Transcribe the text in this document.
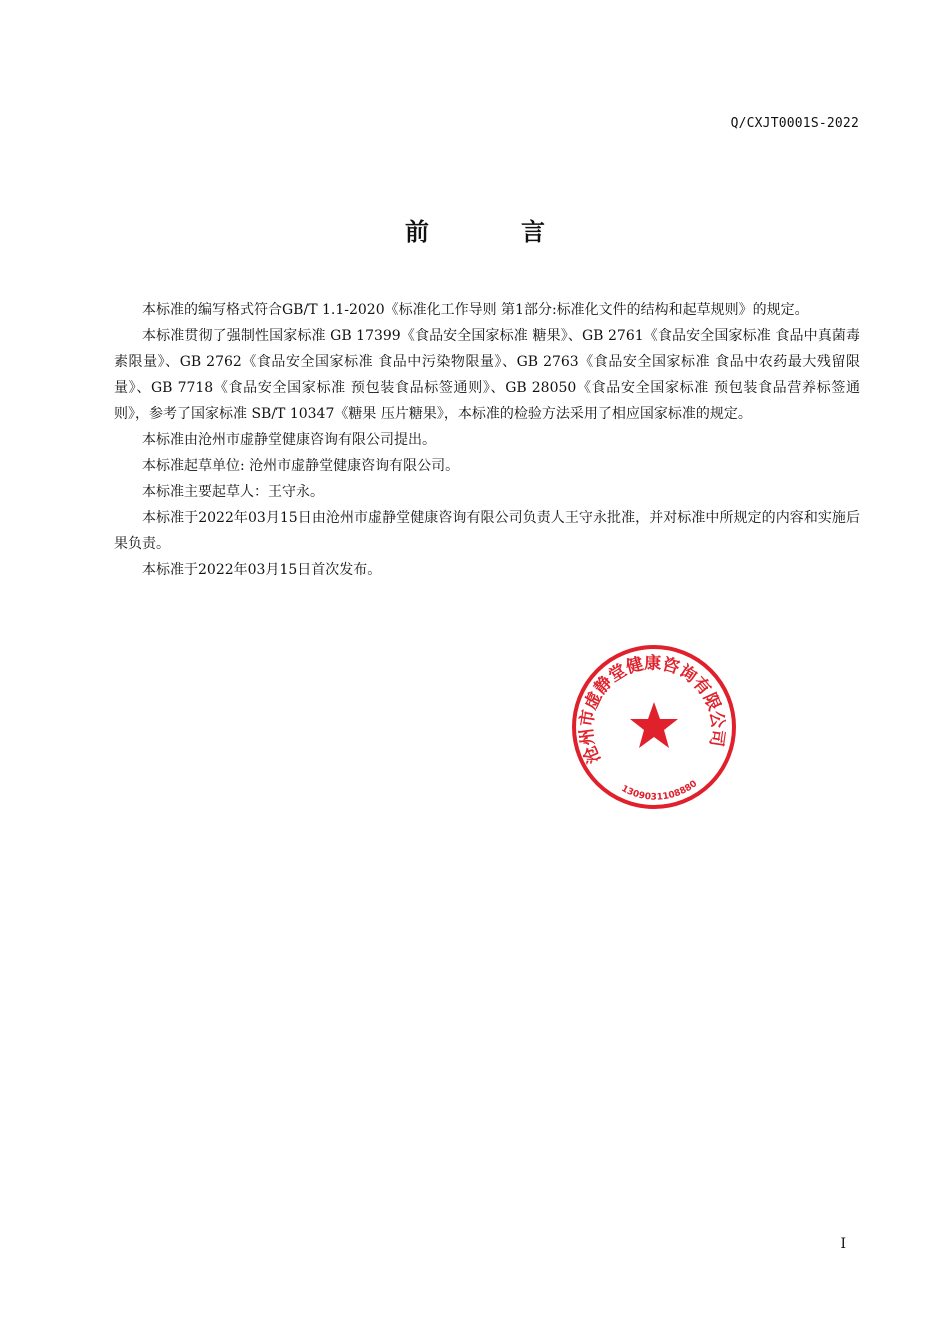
Q/CXJT0001S-2022
前言

本标准的编写格式符合GB/T 1.1-2020《标准化工作导则 第1部分:标准化文件的结构和起草规则》的规定。

本标准贯彻了强制性国家标准 GB 17399《食品安全国家标准 糖果》、GB 2761《食品安全国家标准 食品中真菌毒素限量》、GB 2762《食品安全国家标准 食品中污染物限量》、GB 2763《食品安全国家标准 食品中农药最大残留限量》、GB 7718《食品安全国家标准 预包装食品标签通则》、GB 28050《食品安全国家标准 预包装食品营养标签通则》，参考了国家标准 SB/T 10347《糖果 压片糖果》，本标准的检验方法采用了相应国家标准的规定。

本标准由沧州市虚静堂健康咨询有限公司提出。

本标准起草单位: 沧州市虚静堂健康咨询有限公司。

本标准主要起草人：王守永。

本标准于2022年03月15日由沧州市虚静堂健康咨询有限公司负责人王守永批准，并对标准中所规定的内容和实施后果负责。

本标准于2022年03月15日首次发布。

沧州市虚静堂健康咨询有限公司
1309031108880
I
